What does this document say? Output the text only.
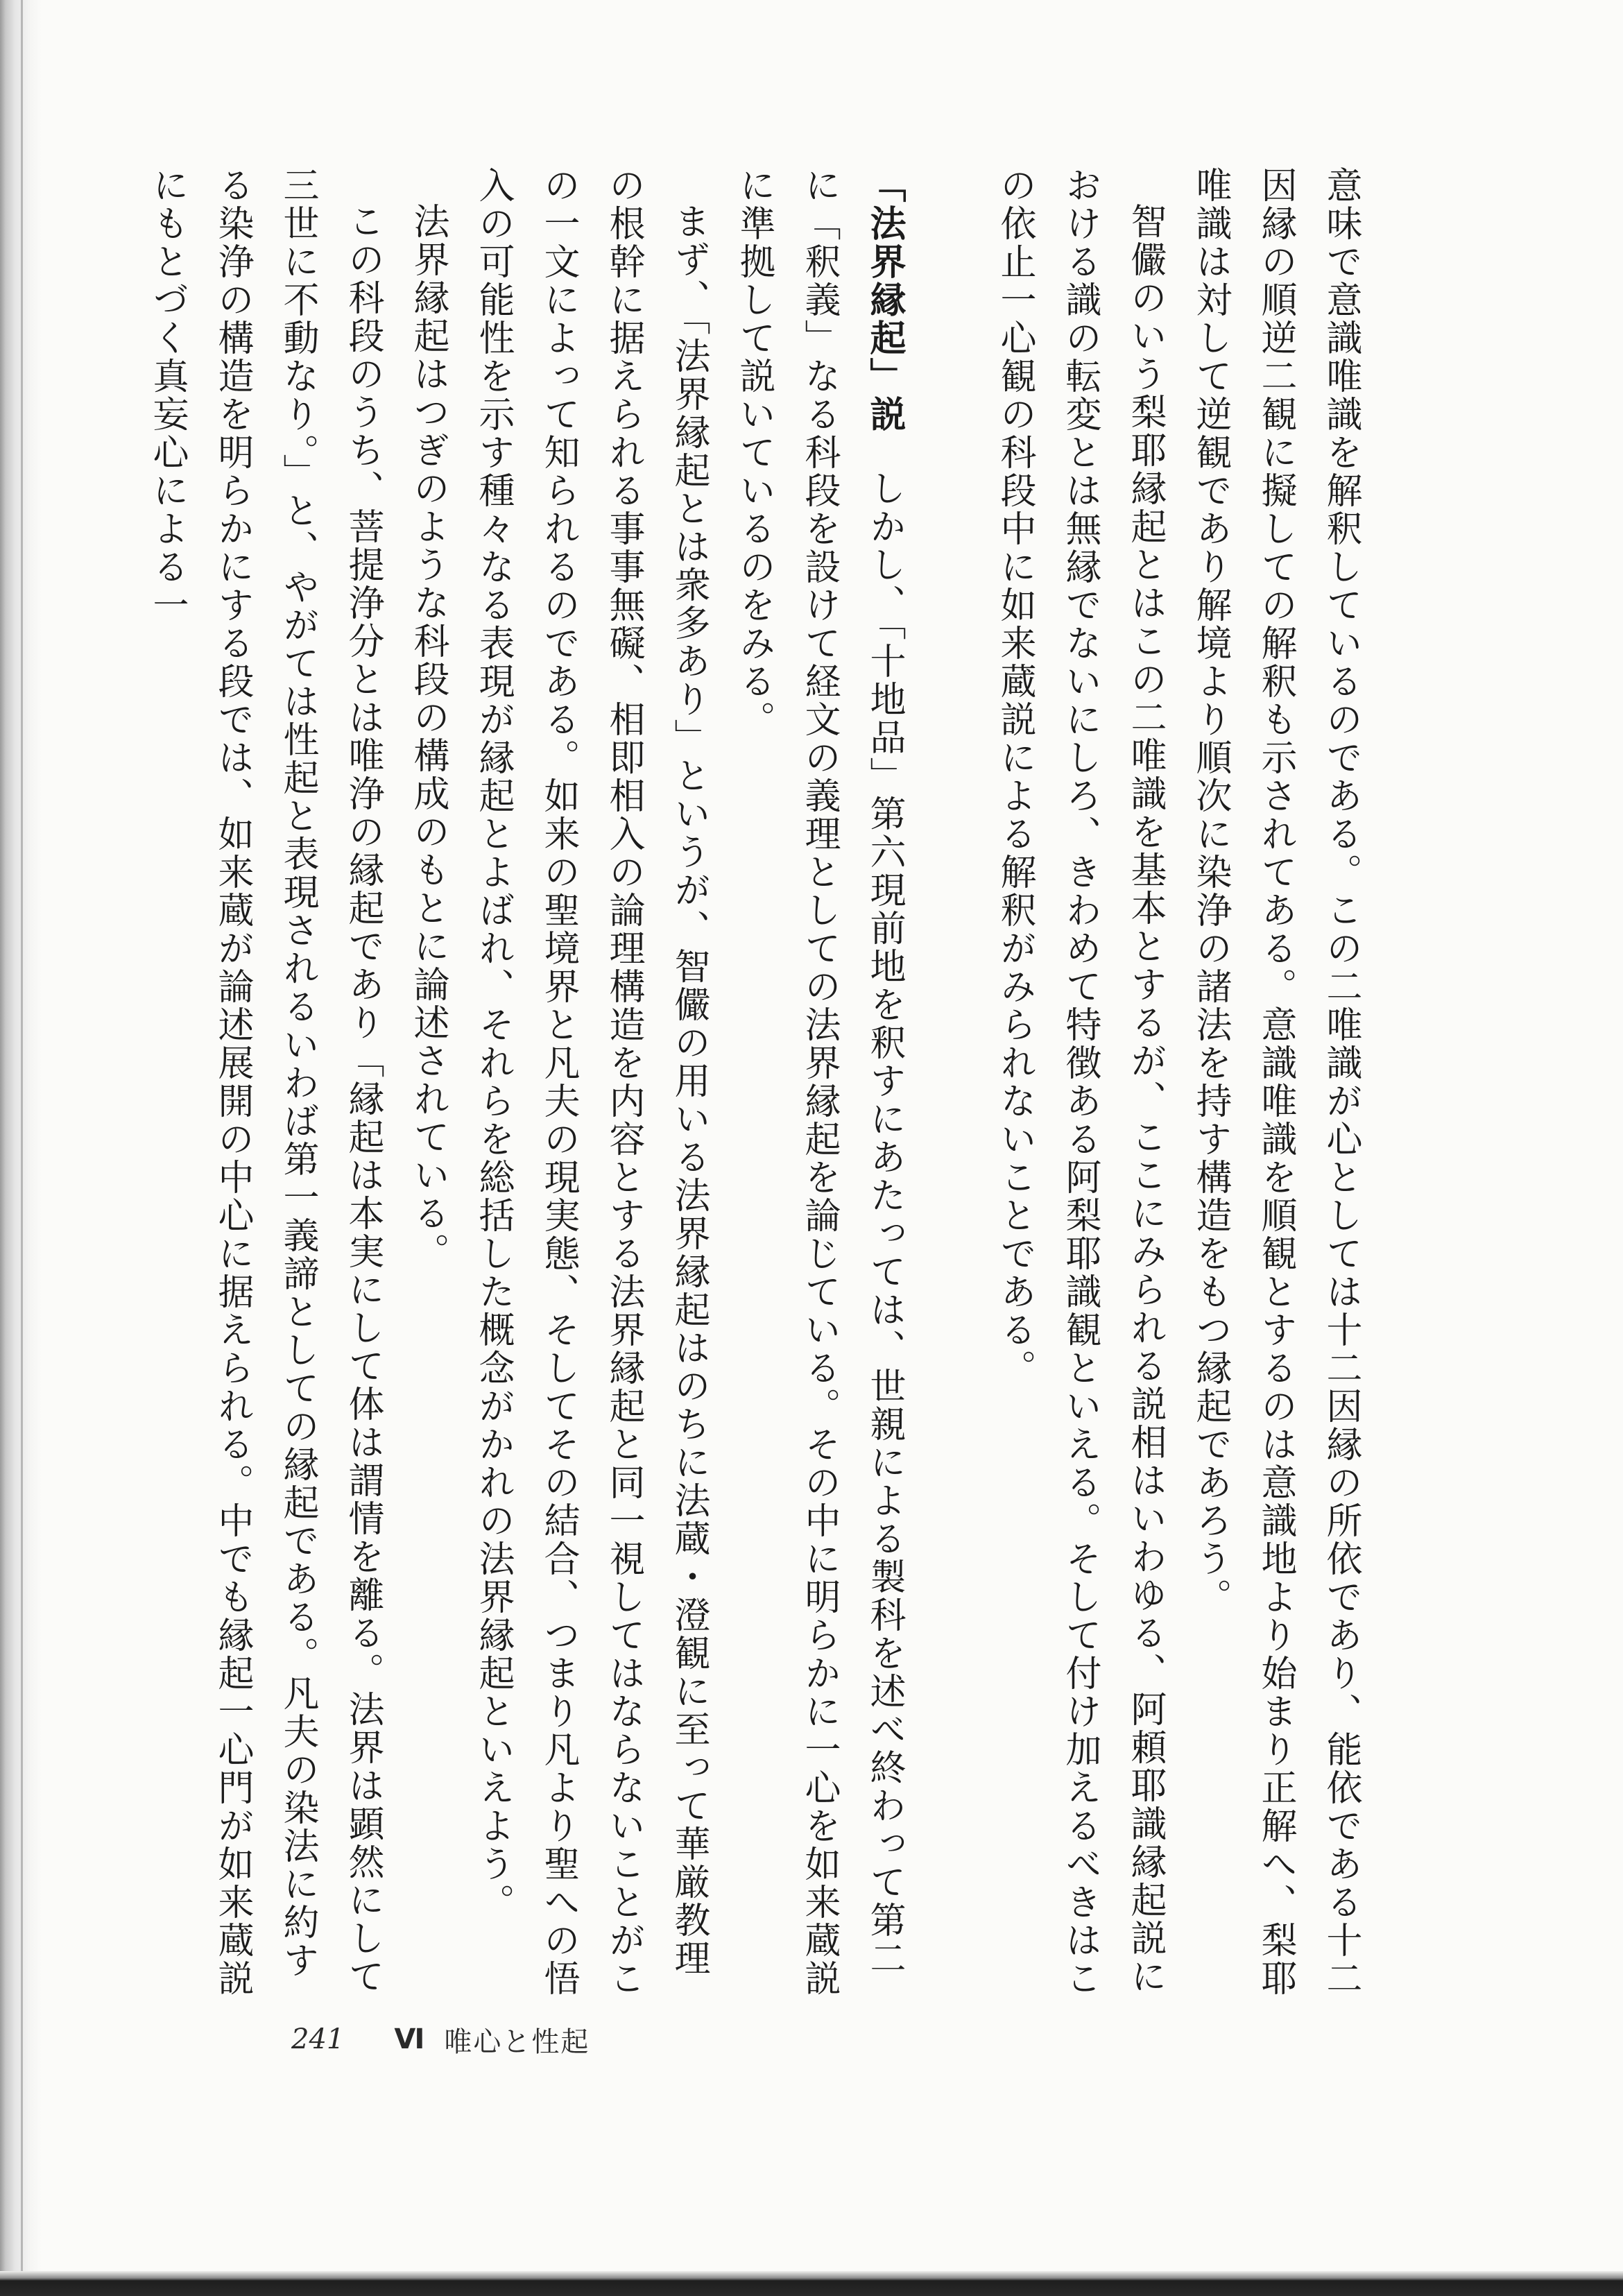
意味で意識唯識を解釈しているのである。この二唯識が心としては十二因縁の所依であり、能依である十二因縁の順逆二観に擬しての解釈も示されてある。意識唯識を順観とするのは意識地より始まり正解へ、梨耶唯識は対して逆観であり解境より順次に染浄の諸法を持す構造をもつ縁起であろう。

智儼のいう梨耶縁起とはこの二唯識を基本とするが、ここにみられる説相はいわゆる、阿頼耶識縁起説における識の転変とは無縁でないにしろ、きわめて特徴ある阿梨耶識観といえる。そして付け加えるべきはこの依止一心観の科段中に如来蔵説による解釈がみられないことである。

「法界縁起」説しかし、「十地品」第六現前地を釈すにあたっては、世親による製科を述べ終わって第二に「釈義」なる科段を設けて経文の義理としての法界縁起を論じている。その中に明らかに一心を如来蔵説に準拠して説いているのをみる。

まず、「法界縁起とは衆多あり」というが、智儼の用いる法界縁起はのちに法蔵・澄観に至って華厳教理の根幹に据えられる事事無礙、相即相入の論理構造を内容とする法界縁起と同一視してはならないことがこの一文によって知られるのである。如来の聖境界と凡夫の現実態、そしてその結合、つまり凡より聖への悟入の可能性を示す種々なる表現が縁起とよばれ、それらを総括した概念がかれの法界縁起といえよう。

法界縁起はつぎのような科段の構成のもとに論述されている。

この科段のうち、菩提浄分とは唯浄の縁起であり「縁起は本実にして体は謂情を離る。法界は顕然にして三世に不動なり。」と、やがては性起と表現されるいわば第一義諦としての縁起である。凡夫の染法に約する染浄の構造を明らかにする段では、如来蔵が論述展開の中心に据えられる。中でも縁起一心門が如来蔵説にもとづく真妄心による一

241 Ⅵ 唯心と性起
